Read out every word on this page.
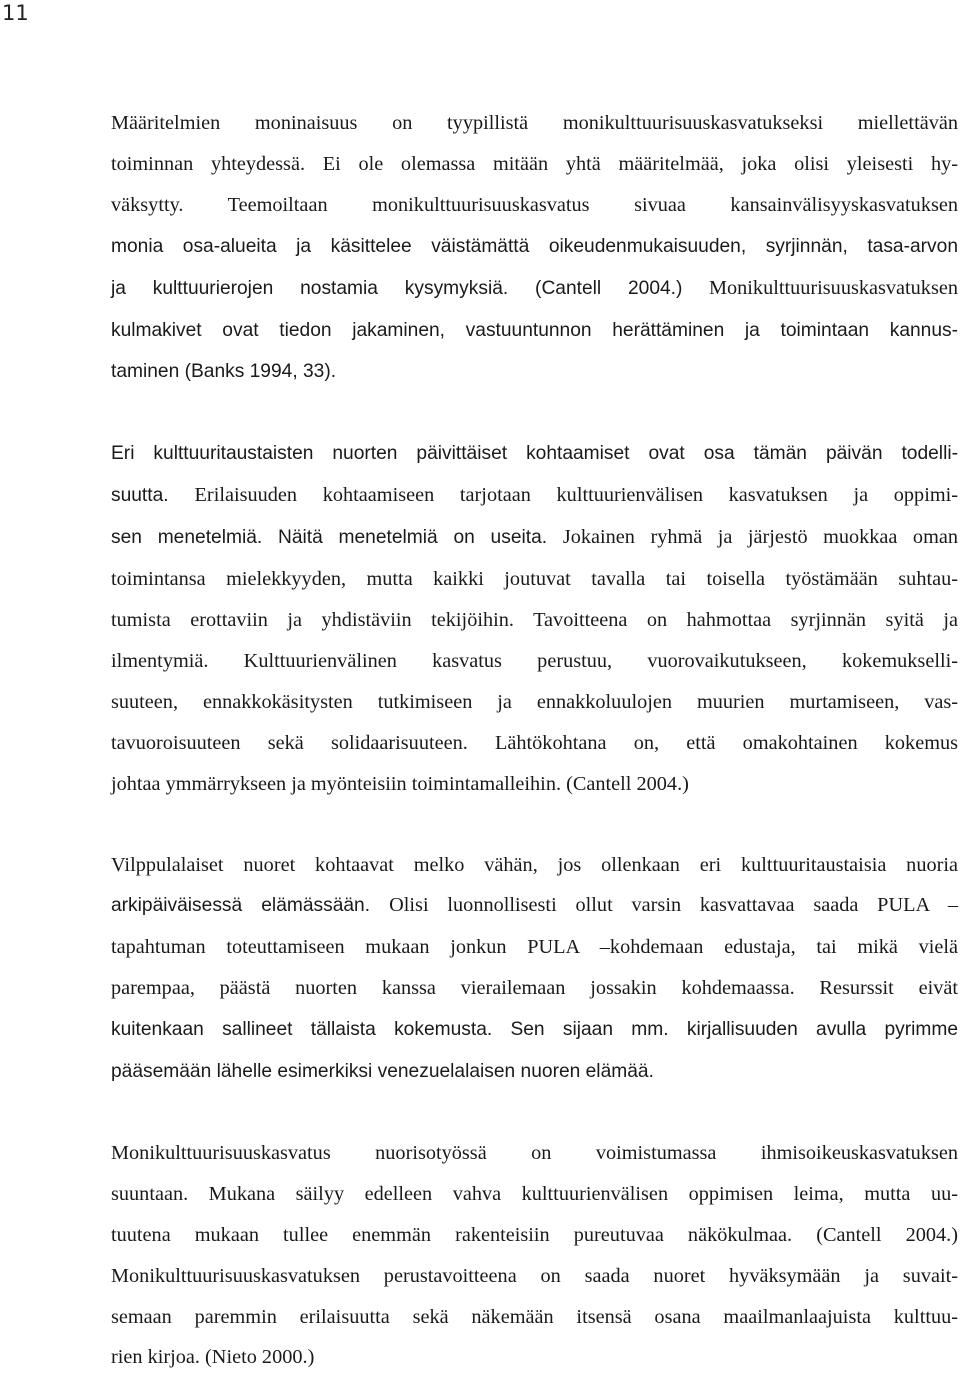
11

Määritelmien moninaisuus on tyypillistä monikulttuurisuuskasvatukseksi miellettävän
toiminnan yhteydessä. Ei ole olemassa mitään yhtä määritelmää, joka olisi yleisesti hy-
väksytty. Teemoiltaan monikulttuurisuuskasvatus sivuaa kansainvälisyyskasvatuksen
monia osa-alueita ja käsittelee väistämättä oikeudenmukaisuuden, syrjinnän, tasa-arvon
ja kulttuurierojen nostamia kysymyksiä. (Cantell 2004.) Monikulttuurisuuskasvatuksen
kulmakivet ovat tiedon jakaminen, vastuuntunnon herättäminen ja toimintaan kannus-
taminen (Banks 1994, 33).

Eri kulttuuritaustaisten nuorten päivittäiset kohtaamiset ovat osa tämän päivän todelli-
suutta. Erilaisuuden kohtaamiseen tarjotaan kulttuurienvälisen kasvatuksen ja oppimi-
sen menetelmiä. Näitä menetelmiä on useita. Jokainen ryhmä ja järjestö muokkaa oman
toimintansa mielekkyyden, mutta kaikki joutuvat tavalla tai toisella työstämään suhtau-
tumista erottaviin ja yhdistäviin tekijöihin. Tavoitteena on hahmottaa syrjinnän syitä ja
ilmentymiä. Kulttuurienvälinen kasvatus perustuu, vuorovaikutukseen, kokemukselli-
suuteen, ennakkokäsitysten tutkimiseen ja ennakkoluulojen muurien murtamiseen, vas-
tavuoroisuuteen sekä solidaarisuuteen. Lähtökohtana on, että omakohtainen kokemus
johtaa ymmärrykseen ja myönteisiin toimintamalleihin. (Cantell 2004.)

Vilppulalaiset nuoret kohtaavat melko vähän, jos ollenkaan eri kulttuuritaustaisia nuoria
arkipäiväisessä elämässään. Olisi luonnollisesti ollut varsin kasvattavaa saada PULA –
tapahtuman toteuttamiseen mukaan jonkun PULA –kohdemaan edustaja, tai mikä vielä
parempaa, päästä nuorten kanssa vierailemaan jossakin kohdemaassa. Resurssit eivät
kuitenkaan sallineet tällaista kokemusta. Sen sijaan mm. kirjallisuuden avulla pyrimme
pääsemään lähelle esimerkiksi venezuelalaisen nuoren elämää.

Monikulttuurisuuskasvatus nuorisotyössä on voimistumassa ihmisoikeuskasvatuksen
suuntaan. Mukana säilyy edelleen vahva kulttuurienvälisen oppimisen leima, mutta uu-
tuutena mukaan tullee enemmän rakenteisiin pureutuvaa näkökulmaa. (Cantell 2004.)
Monikulttuurisuuskasvatuksen perustavoitteena on saada nuoret hyväksymään ja suvait-
semaan paremmin erilaisuutta sekä näkemään itsensä osana maailmanlaajuista kulttuu-
rien kirjoa. (Nieto 2000.)
